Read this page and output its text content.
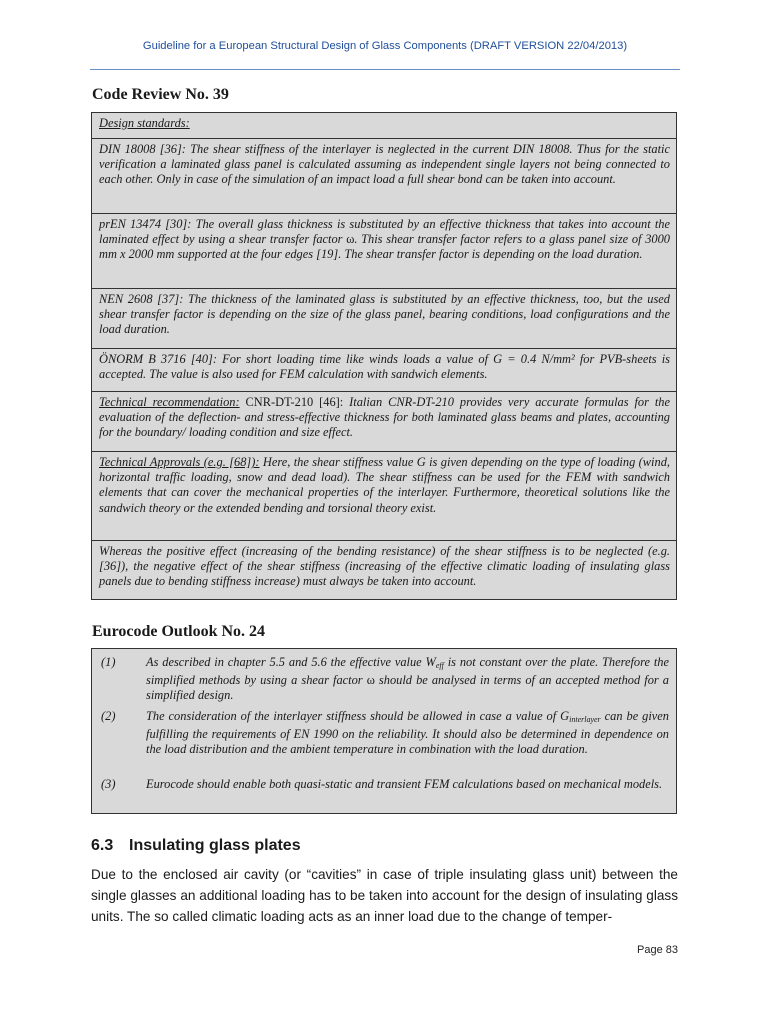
Guideline for a European Structural Design of Glass Components (DRAFT VERSION 22/04/2013)
Code Review No. 39
Design standards:
DIN 18008 [36]: The shear stiffness of the interlayer is neglected in the current DIN 18008. Thus for the static verification a laminated glass panel is calculated assuming as independent single layers not being connected to each other. Only in case of the simulation of an impact load a full shear bond can be taken into account.
prEN 13474 [30]: The overall glass thickness is substituted by an effective thickness that takes into account the laminated effect by using a shear transfer factor ω. This shear transfer factor refers to a glass panel size of 3000 mm x 2000 mm supported at the four edges [19]. The shear transfer factor is depending on the load duration.
NEN 2608 [37]: The thickness of the laminated glass is substituted by an effective thickness, too, but the used shear transfer factor is depending on the size of the glass panel, bearing conditions, load configurations and the load duration.
ÖNORM B 3716 [40]: For short loading time like winds loads a value of G = 0.4 N/mm² for PVB-sheets is accepted. The value is also used for FEM calculation with sandwich elements.
Technical recommendation: CNR-DT-210 [46]: Italian CNR-DT-210 provides very accurate formulas for the evaluation of the deflection- and stress-effective thickness for both laminated glass beams and plates, accounting for the boundary/ loading condition and size effect.
Technical Approvals (e.g. [68]): Here, the shear stiffness value G is given depending on the type of loading (wind, horizontal traffic loading, snow and dead load). The shear stiffness can be used for the FEM with sandwich elements that can cover the mechanical properties of the interlayer. Furthermore, theoretical solutions like the sandwich theory or the extended bending and torsional theory exist.
Whereas the positive effect (increasing of the bending resistance) of the shear stiffness is to be neglected (e.g. [36]), the negative effect of the shear stiffness (increasing of the effective climatic loading of insulating glass panels due to bending stiffness increase) must always be taken into account.
Eurocode Outlook No. 24
(1) As described in chapter 5.5 and 5.6 the effective value $W_{eff}$ is not constant over the plate. Therefore the simplified methods by using a shear factor ω should be analysed in terms of an accepted method for a simplified design.
(2) The consideration of the interlayer stiffness should be allowed in case a value of $G_{interlayer}$ can be given fulfilling the requirements of EN 1990 on the reliability. It should also be determined in dependence on the load distribution and the ambient temperature in combination with the load duration.
(3) Eurocode should enable both quasi-static and transient FEM calculations based on mechanical models.
6.3 Insulating glass plates
Due to the enclosed air cavity (or “cavities” in case of triple insulating glass unit) between the single glasses an additional loading has to be taken into account for the design of insulating glass units. The so called climatic loading acts as an inner load due to the change of temper-
Page 83
